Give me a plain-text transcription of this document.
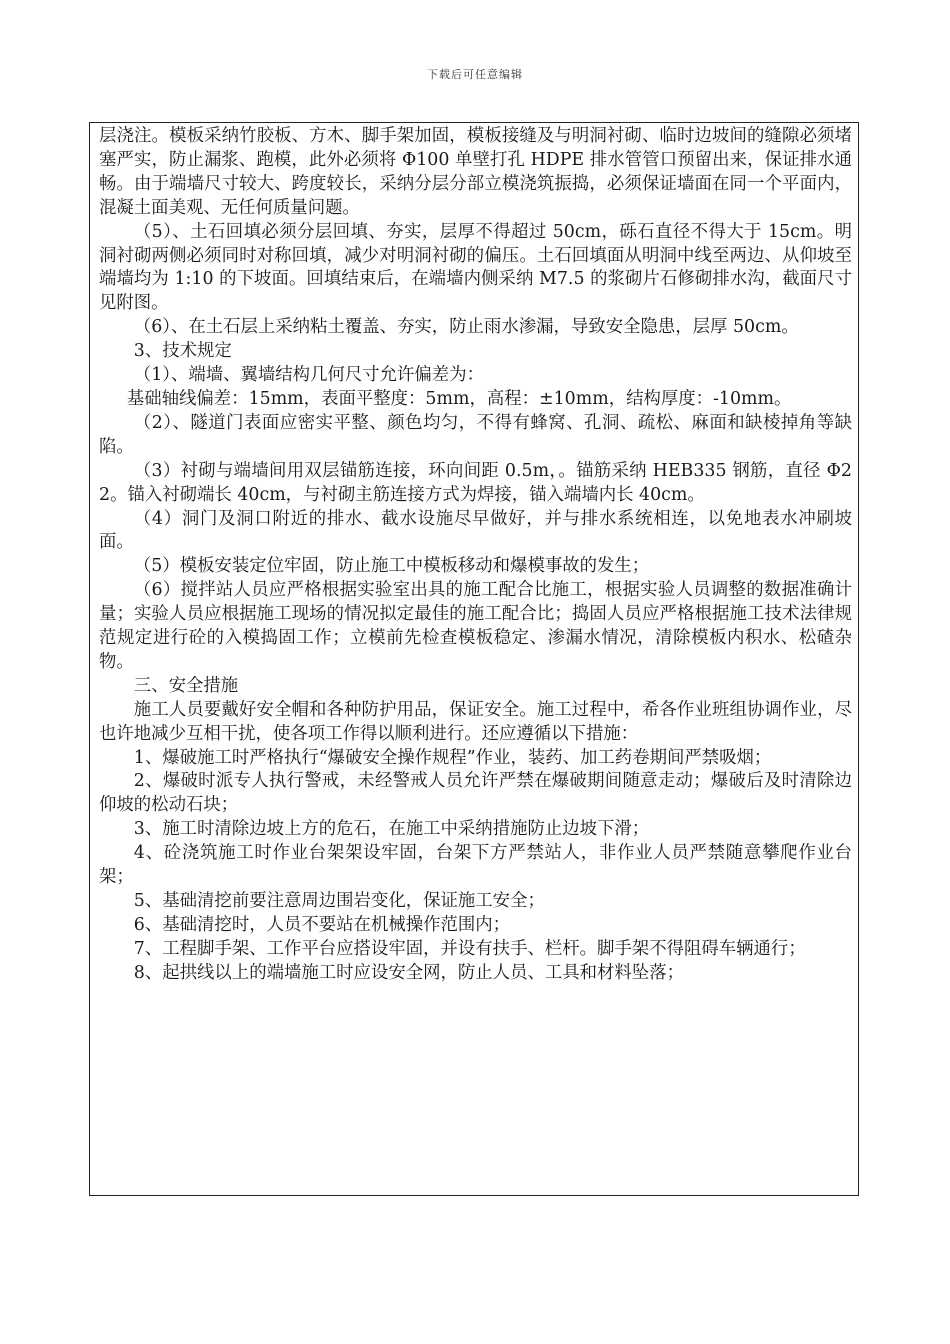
下载后可任意编辑

层浇注。模板采纳竹胶板、方木、脚手架加固，模板接缝及与明洞衬砌、临时边坡间的缝隙必须堵塞严实，防止漏浆、跑模，此外必须将 Φ100 单壁打孔 HDPE 排水管管口预留出来，保证排水通畅。由于端墙尺寸较大、跨度较长，采纳分层分部立模浇筑振捣，必须保证墙面在同一个平面内，混凝土面美观、无任何质量问题。

（5）、土石回填必须分层回填、夯实，层厚不得超过 50cm，砾石直径不得大于 15cm。明洞衬砌两侧必须同时对称回填，减少对明洞衬砌的偏压。土石回填面从明洞中线至两边、从仰坡至端墙均为 1:10 的下坡面。回填结束后，在端墙内侧采纳 M7.5 的浆砌片石修砌排水沟，截面尺寸见附图。

（6）、在土石层上采纳粘土覆盖、夯实，防止雨水渗漏，导致安全隐患，层厚 50cm。

3、技术规定

（1）、端墙、翼墙结构几何尺寸允许偏差为：

基础轴线偏差：15mm，表面平整度：5mm，高程：±10mm，结构厚度：-10mm。

（2）、隧道门表面应密实平整、颜色均匀，不得有蜂窝、孔洞、疏松、麻面和缺棱掉角等缺陷。

（3）衬砌与端墙间用双层锚筋连接，环向间距 0.5m，。锚筋采纳 HEB335 钢筋，直径 Φ22。锚入衬砌端长 40cm，与衬砌主筋连接方式为焊接，锚入端墙内长 40cm。

（4）洞门及洞口附近的排水、截水设施尽早做好，并与排水系统相连，以免地表水冲刷坡面。

（5）模板安装定位牢固，防止施工中模板移动和爆模事故的发生；

（6）搅拌站人员应严格根据实验室出具的施工配合比施工，根据实验人员调整的数据准确计量；实验人员应根据施工现场的情况拟定最佳的施工配合比；捣固人员应严格根据施工技术法律规范规定进行砼的入模捣固工作；立模前先检查模板稳定、渗漏水情况，清除模板内积水、松碴杂物。

三、安全措施

施工人员要戴好安全帽和各种防护用品，保证安全。施工过程中，希各作业班组协调作业，尽也许地减少互相干扰，使各项工作得以顺利进行。还应遵循以下措施：

1、爆破施工时严格执行“爆破安全操作规程”作业，装药、加工药卷期间严禁吸烟；

2、爆破时派专人执行警戒，未经警戒人员允许严禁在爆破期间随意走动；爆破后及时清除边仰坡的松动石块；

3、施工时清除边坡上方的危石，在施工中采纳措施防止边坡下滑；

4、砼浇筑施工时作业台架架设牢固，台架下方严禁站人，非作业人员严禁随意攀爬作业台架；

5、基础清挖前要注意周边围岩变化，保证施工安全；

6、基础清挖时，人员不要站在机械操作范围内；

7、工程脚手架、工作平台应搭设牢固，并设有扶手、栏杆。脚手架不得阻碍车辆通行；

8、起拱线以上的端墙施工时应设安全网，防止人员、工具和材料坠落；
